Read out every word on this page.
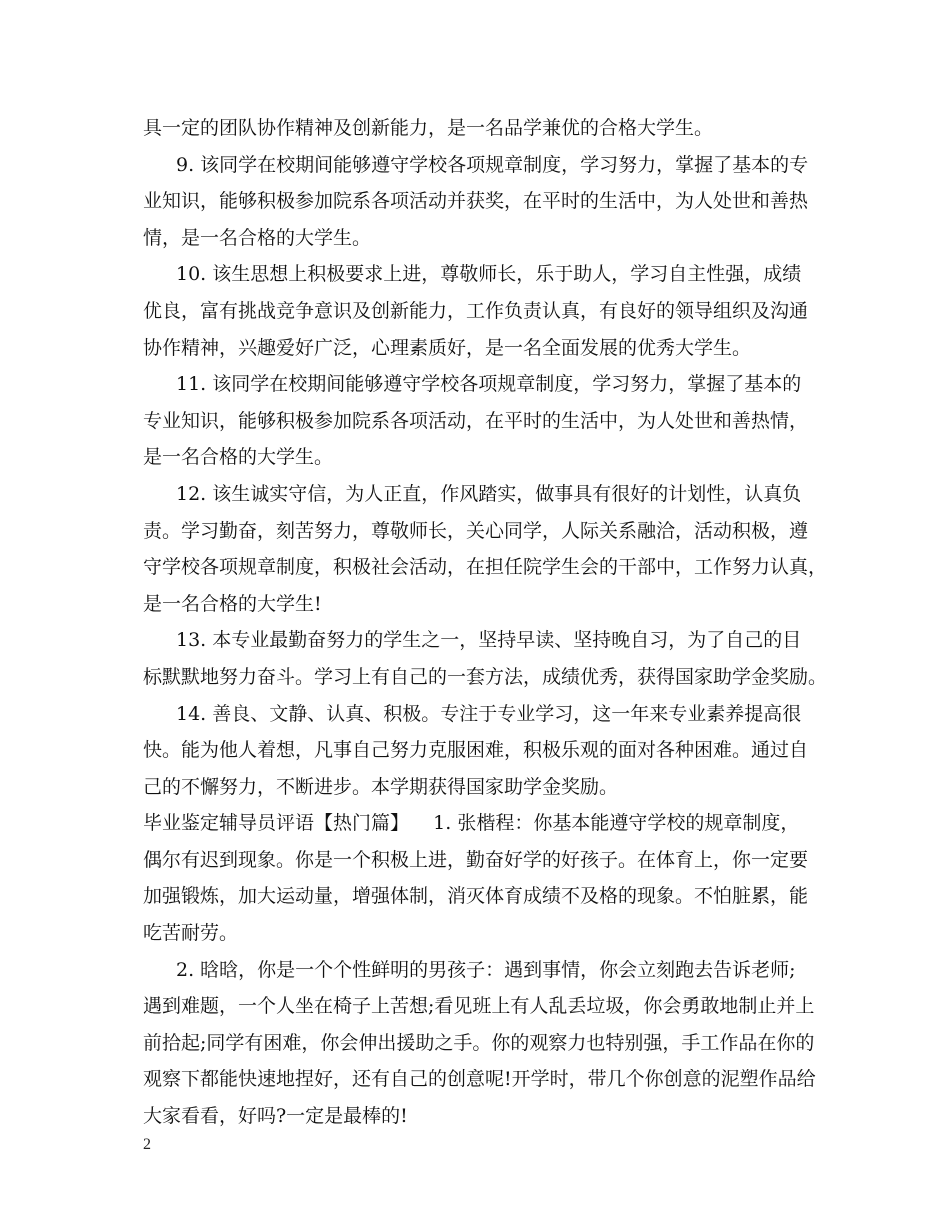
具一定的团队协作精神及创新能力，是一名品学兼优的合格大学生。
9. 该同学在校期间能够遵守学校各项规章制度，学习努力，掌握了基本的专
业知识，能够积极参加院系各项活动并获奖，在平时的生活中，为人处世和善热
情，是一名合格的大学生。
10. 该生思想上积极要求上进，尊敬师长，乐于助人，学习自主性强，成绩
优良，富有挑战竞争意识及创新能力，工作负责认真，有良好的领导组织及沟通
协作精神，兴趣爱好广泛，心理素质好，是一名全面发展的优秀大学生。
11. 该同学在校期间能够遵守学校各项规章制度，学习努力，掌握了基本的
专业知识，能够积极参加院系各项活动，在平时的生活中，为人处世和善热情，
是一名合格的大学生。
12. 该生诚实守信，为人正直，作风踏实，做事具有很好的计划性，认真负
责。学习勤奋，刻苦努力，尊敬师长，关心同学，人际关系融洽，活动积极，遵
守学校各项规章制度，积极社会活动，在担任院学生会的干部中，工作努力认真，
是一名合格的大学生!
13. 本专业最勤奋努力的学生之一，坚持早读、坚持晚自习，为了自己的目
标默默地努力奋斗。学习上有自己的一套方法，成绩优秀，获得国家助学金奖励。
14. 善良、文静、认真、积极。专注于专业学习，这一年来专业素养提高很
快。能为他人着想，凡事自己努力克服困难，积极乐观的面对各种困难。通过自
己的不懈努力，不断进步。本学期获得国家助学金奖励。
毕业鉴定辅导员评语【热门篇】    1. 张楷程：你基本能遵守学校的规章制度，
偶尔有迟到现象。你是一个积极上进，勤奋好学的好孩子。在体育上，你一定要
加强锻炼，加大运动量，增强体制，消灭体育成绩不及格的现象。不怕脏累，能
吃苦耐劳。
2. 晗晗，你是一个个性鲜明的男孩子：遇到事情，你会立刻跑去告诉老师;
遇到难题，一个人坐在椅子上苦想;看见班上有人乱丢垃圾，你会勇敢地制止并上
前拾起;同学有困难，你会伸出援助之手。你的观察力也特别强，手工作品在你的
观察下都能快速地捏好，还有自己的创意呢!开学时，带几个你创意的泥塑作品给
大家看看，好吗?一定是最棒的!
2
